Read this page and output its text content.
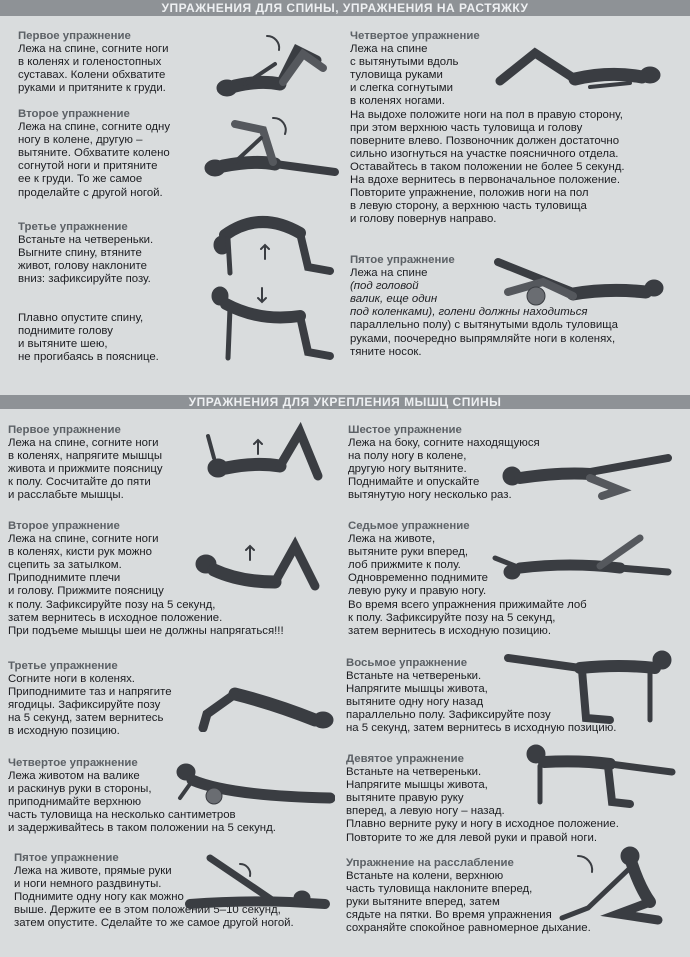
УПРАЖНЕНИЯ ДЛЯ СПИНЫ, УПРАЖНЕНИЯ НА РАСТЯЖКУ
УПРАЖНЕНИЯ ДЛЯ УКРЕПЛЕНИЯ МЫШЦ СПИНЫ
Первое упражнение
Лежа на спине, согните ноги
в коленях и голеностопных
суставах. Колени обхватите
руками и притяните к груди.
Второе упражнение
Лежа на спине, согните одну
ногу в колене, другую –
вытяните. Обхватите колено
согнутой ноги и притяните
ее к груди. То же самое
проделайте с другой ногой.
Третье упражнение
Встаньте на четвереньки.
Выгните спину, втяните
живот, голову наклоните
вниз: зафиксируйте позу.
Плавно опустите спину,
поднимите голову
и вытяните шею,
не прогибаясь в пояснице.
Четвертое упражнение
Лежа на спине
с вытянутыми вдоль
туловища руками
и слегка согнутыми
в коленях ногами.
На выдохе положите ноги на пол в правую сторону,
при этом верхнюю часть туловища и голову
поверните влево. Позвоночник должен достаточно
сильно изогнуться на участке поясничного отдела.
Оставайтесь в таком положении не более 5 секунд.
На вдохе вернитесь в первоначальное положение.
Повторите упражнение, положив ноги на пол
в левую сторону, а верхнюю часть туловища
и голову повернув направо.
Пятое упражнение
Лежа на спине
(под головой
валик, еще один
под коленками), голени должны находиться
параллельно полу) с вытянутыми вдоль туловища
руками, поочередно выпрямляйте ноги в коленях,
тяните носок.
Первое упражнение
Лежа на спине, согните ноги
в коленях, напрягите мышцы
живота и прижмите поясницу
к полу. Сосчитайте до пяти
и расслабьте мышцы.
Второе упражнение
Лежа на спине, согните ноги
в коленях, кисти рук можно
сцепить за затылком.
Приподнимите плечи
и голову. Прижмите поясницу
к полу. Зафиксируйте позу на 5 секунд,
затем вернитесь в исходное положение.
При подъеме мышцы шеи не должны напрягаться!!!
Третье упражнение
Согните ноги в коленях.
Приподнимите таз и напрягите
ягодицы. Зафиксируйте позу
на 5 секунд, затем вернитесь
в исходную позицию.
Четвертое упражнение
Лежа животом на валике
и раскинув руки в стороны,
приподнимайте верхнюю
часть туловища на несколько сантиметров
и задерживайтесь в таком положении на 5 секунд.
Пятое упражнение
Лежа на животе, прямые руки
и ноги немного раздвинуты.
Поднимите одну ногу как можно
выше. Держите ее в этом положении 5–10 секунд,
затем опустите. Сделайте то же самое другой ногой.
Шестое упражнение
Лежа на боку, согните находящуюся
на полу ногу в колене,
другую ногу вытяните.
Поднимайте и опускайте
вытянутую ногу несколько раз.
Седьмое упражнение
Лежа на животе,
вытяните руки вперед,
лоб прижмите к полу.
Одновременно поднимите
левую руку и правую ногу.
Во время всего упражнения прижимайте лоб
к полу. Зафиксируйте позу на 5 секунд,
затем вернитесь в исходную позицию.
Восьмое упражнение
Встаньте на четвереньки.
Напрягите мышцы живота,
вытяните одну ногу назад
параллельно полу. Зафиксируйте позу
на 5 секунд, затем вернитесь в исходную позицию.
Девятое упражнение
Встаньте на четвереньки.
Напрягите мышцы живота,
вытяните правую руку
вперед, а левую ногу – назад.
Плавно верните руку и ногу в исходное положение.
Повторите то же для левой руки и правой ноги.
Упражнение на расслабление
Встаньте на колени, верхнюю
часть туловища наклоните вперед,
руки вытяните вперед, затем
сядьте на пятки. Во время упражнения
сохраняйте спокойное равномерное дыхание.
